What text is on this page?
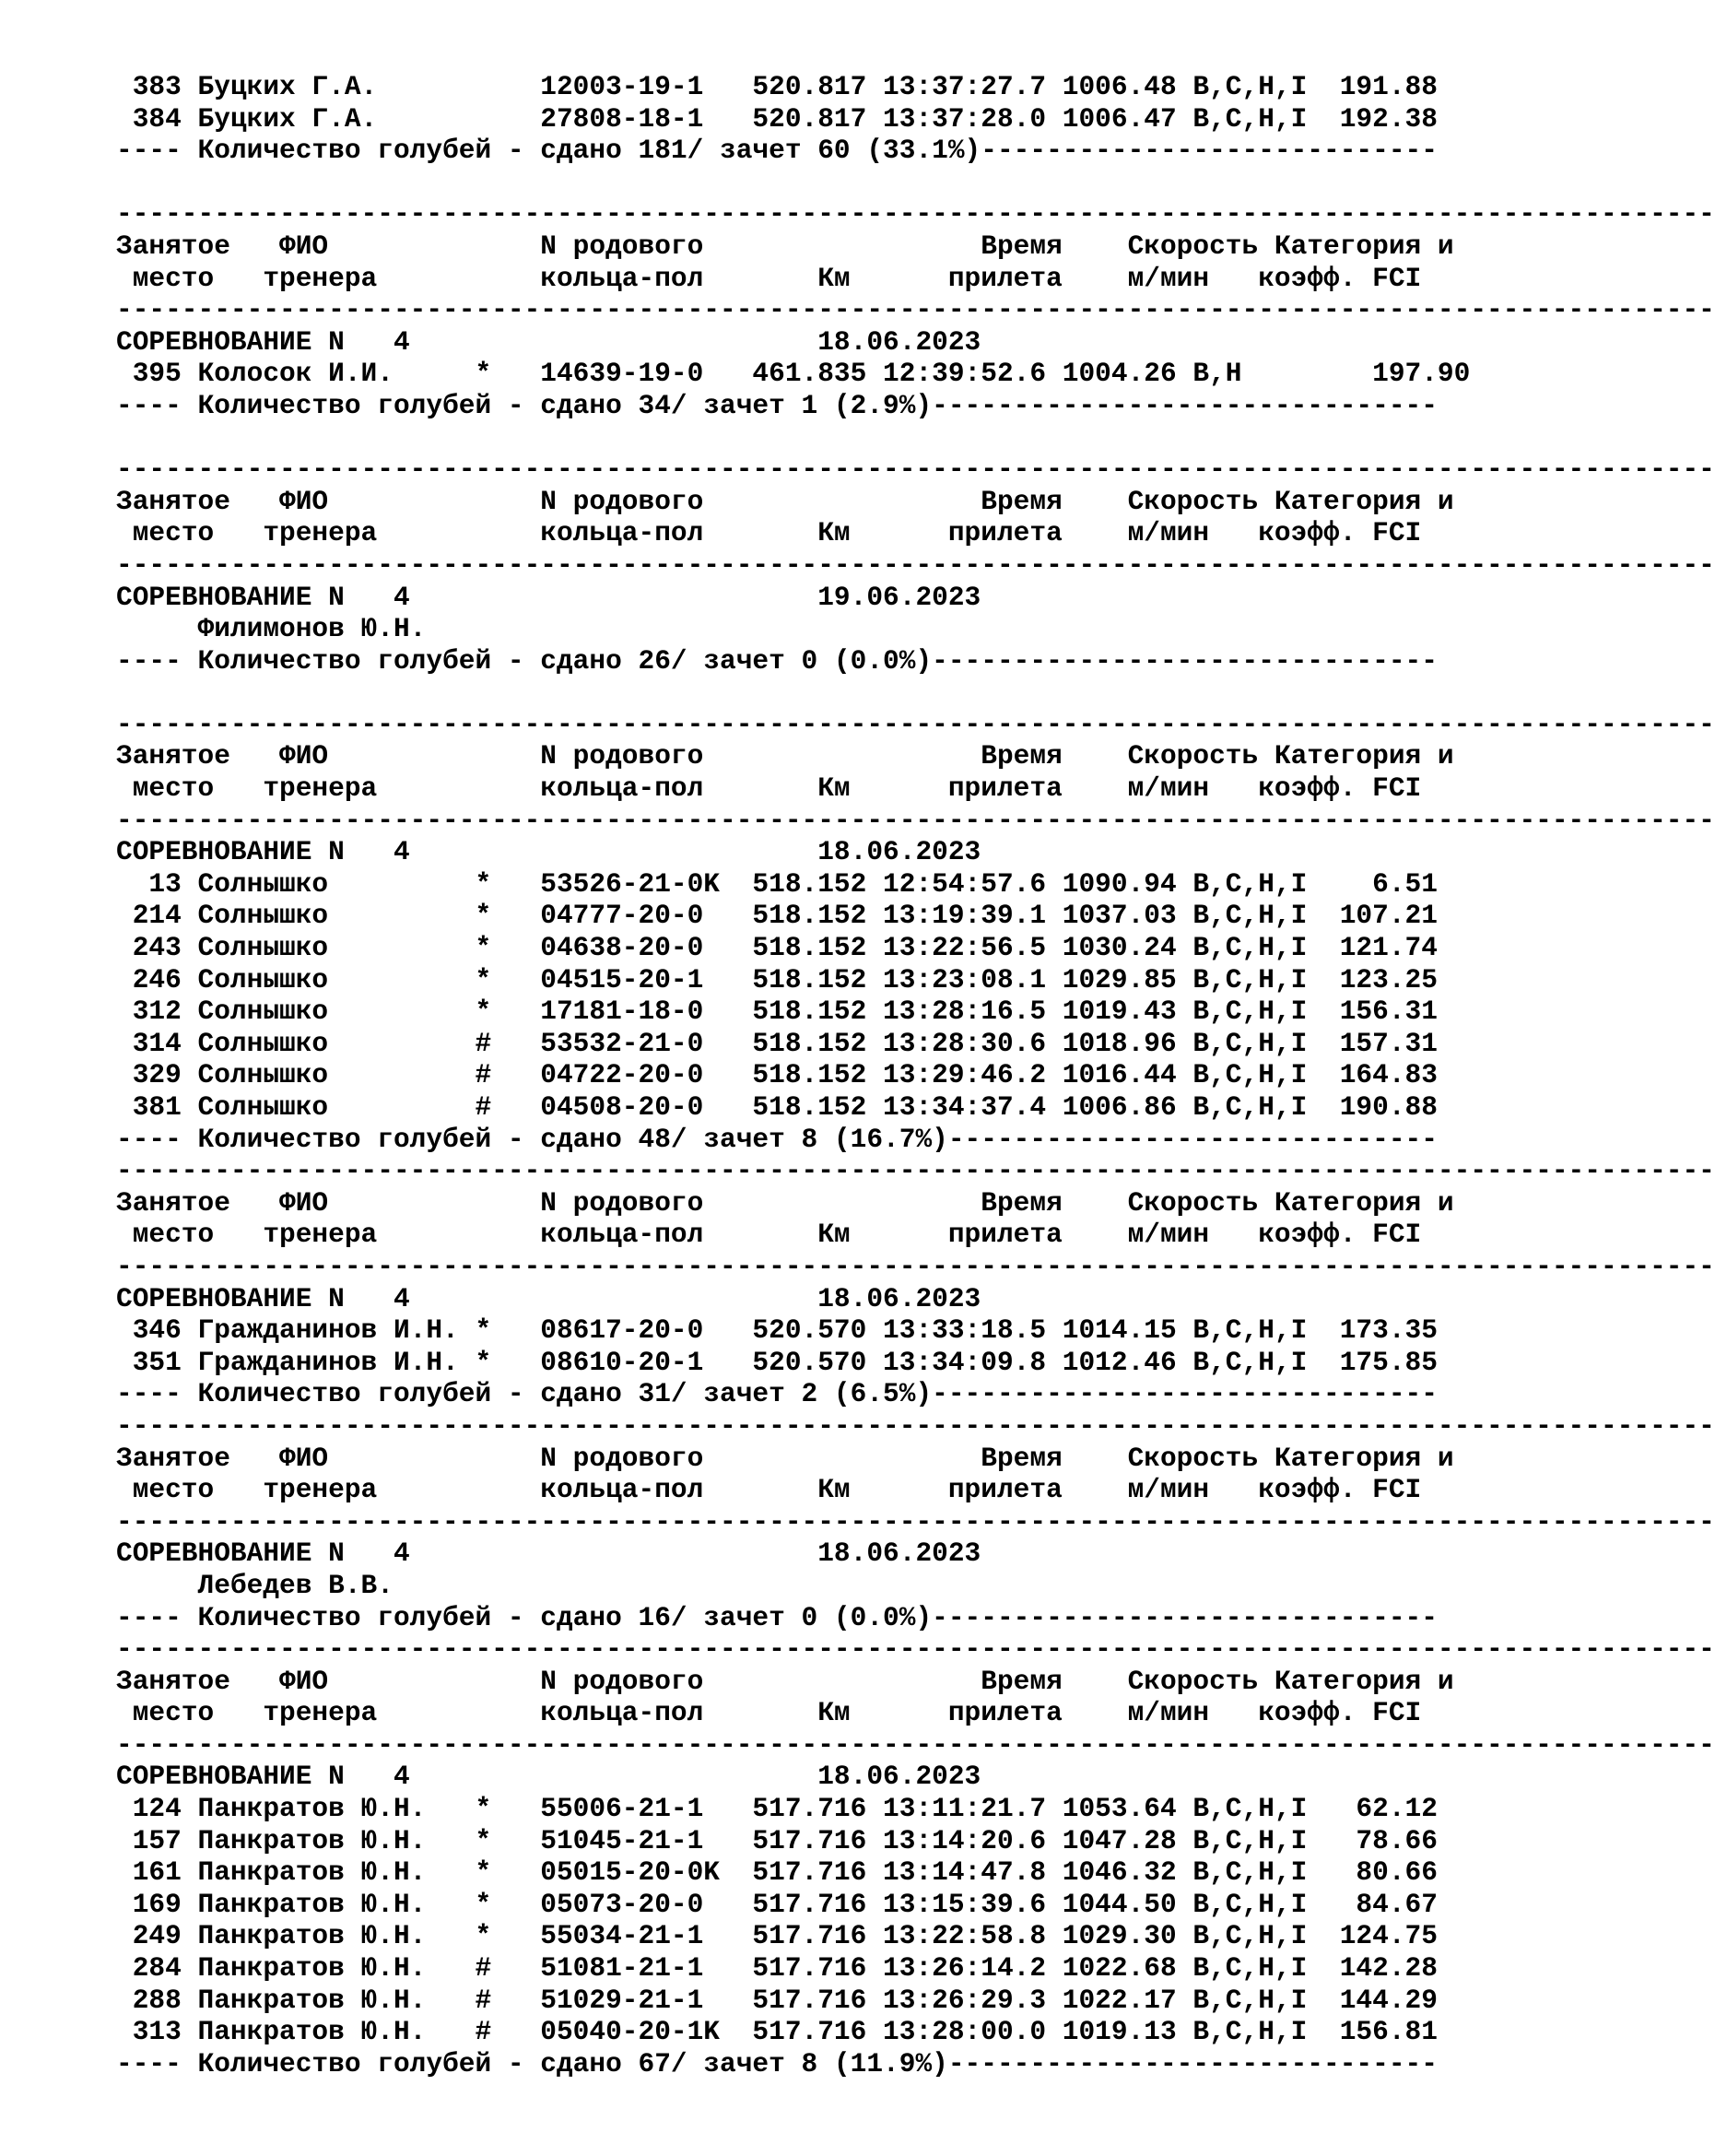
383 Буцких Г.А.          12003-19-1   520.817 13:37:27.7 1006.48 B,C,H,I  191.88
384 Буцких Г.А.          27808-18-1   520.817 13:37:28.0 1006.47 B,C,H,I  192.38
---- Количество голубей - сдано 181/ зачет 60 (33.1%)----------------------------
--------------------------------------------------------------------------------------------------
Занятое   ФИО             N родового                 Время    Скорость Категория и
место   тренера          кольца-пол       Км      прилета    м/мин   коэфф. FCI
--------------------------------------------------------------------------------------------------
СОРЕВНОВАНИЕ N   4                         18.06.2023
395 Колосок И.И.     *   14639-19-0   461.835 12:39:52.6 1004.26 B,H        197.90
---- Количество голубей - сдано 34/ зачет 1 (2.9%)-------------------------------
--------------------------------------------------------------------------------------------------
Занятое   ФИО             N родового                 Время    Скорость Категория и
место   тренера          кольца-пол       Км      прилета    м/мин   коэфф. FCI
--------------------------------------------------------------------------------------------------
СОРЕВНОВАНИЕ N   4                         19.06.2023
Филимонов Ю.Н.
---- Количество голубей - сдано 26/ зачет 0 (0.0%)-------------------------------
--------------------------------------------------------------------------------------------------
Занятое   ФИО             N родового                 Время    Скорость Категория и
место   тренера          кольца-пол       Км      прилета    м/мин   коэфф. FCI
--------------------------------------------------------------------------------------------------
СОРЕВНОВАНИЕ N   4                         18.06.2023
13 Солнышко         *   53526-21-0K  518.152 12:54:57.6 1090.94 B,C,H,I    6.51
214 Солнышко         *   04777-20-0   518.152 13:19:39.1 1037.03 B,C,H,I  107.21
243 Солнышко         *   04638-20-0   518.152 13:22:56.5 1030.24 B,C,H,I  121.74
246 Солнышко         *   04515-20-1   518.152 13:23:08.1 1029.85 B,C,H,I  123.25
312 Солнышко         *   17181-18-0   518.152 13:28:16.5 1019.43 B,C,H,I  156.31
314 Солнышко         #   53532-21-0   518.152 13:28:30.6 1018.96 B,C,H,I  157.31
329 Солнышко         #   04722-20-0   518.152 13:29:46.2 1016.44 B,C,H,I  164.83
381 Солнышко         #   04508-20-0   518.152 13:34:37.4 1006.86 B,C,H,I  190.88
---- Количество голубей - сдано 48/ зачет 8 (16.7%)------------------------------
--------------------------------------------------------------------------------------------------
Занятое   ФИО             N родового                 Время    Скорость Категория и
место   тренера          кольца-пол       Км      прилета    м/мин   коэфф. FCI
--------------------------------------------------------------------------------------------------
СОРЕВНОВАНИЕ N   4                         18.06.2023
346 Гражданинов И.Н. *   08617-20-0   520.570 13:33:18.5 1014.15 B,C,H,I  173.35
351 Гражданинов И.Н. *   08610-20-1   520.570 13:34:09.8 1012.46 B,C,H,I  175.85
---- Количество голубей - сдано 31/ зачет 2 (6.5%)-------------------------------
--------------------------------------------------------------------------------------------------
Занятое   ФИО             N родового                 Время    Скорость Категория и
место   тренера          кольца-пол       Км      прилета    м/мин   коэфф. FCI
--------------------------------------------------------------------------------------------------
СОРЕВНОВАНИЕ N   4                         18.06.2023
Лебедев В.В.
---- Количество голубей - сдано 16/ зачет 0 (0.0%)-------------------------------
--------------------------------------------------------------------------------------------------
Занятое   ФИО             N родового                 Время    Скорость Категория и
место   тренера          кольца-пол       Км      прилета    м/мин   коэфф. FCI
--------------------------------------------------------------------------------------------------
СОРЕВНОВАНИЕ N   4                         18.06.2023
124 Панкратов Ю.Н.   *   55006-21-1   517.716 13:11:21.7 1053.64 B,C,H,I   62.12
157 Панкратов Ю.Н.   *   51045-21-1   517.716 13:14:20.6 1047.28 B,C,H,I   78.66
161 Панкратов Ю.Н.   *   05015-20-0K  517.716 13:14:47.8 1046.32 B,C,H,I   80.66
169 Панкратов Ю.Н.   *   05073-20-0   517.716 13:15:39.6 1044.50 B,C,H,I   84.67
249 Панкратов Ю.Н.   *   55034-21-1   517.716 13:22:58.8 1029.30 B,C,H,I  124.75
284 Панкратов Ю.Н.   #   51081-21-1   517.716 13:26:14.2 1022.68 B,C,H,I  142.28
288 Панкратов Ю.Н.   #   51029-21-1   517.716 13:26:29.3 1022.17 B,C,H,I  144.29
313 Панкратов Ю.Н.   #   05040-20-1K  517.716 13:28:00.0 1019.13 B,C,H,I  156.81
---- Количество голубей - сдано 67/ зачет 8 (11.9%)------------------------------
